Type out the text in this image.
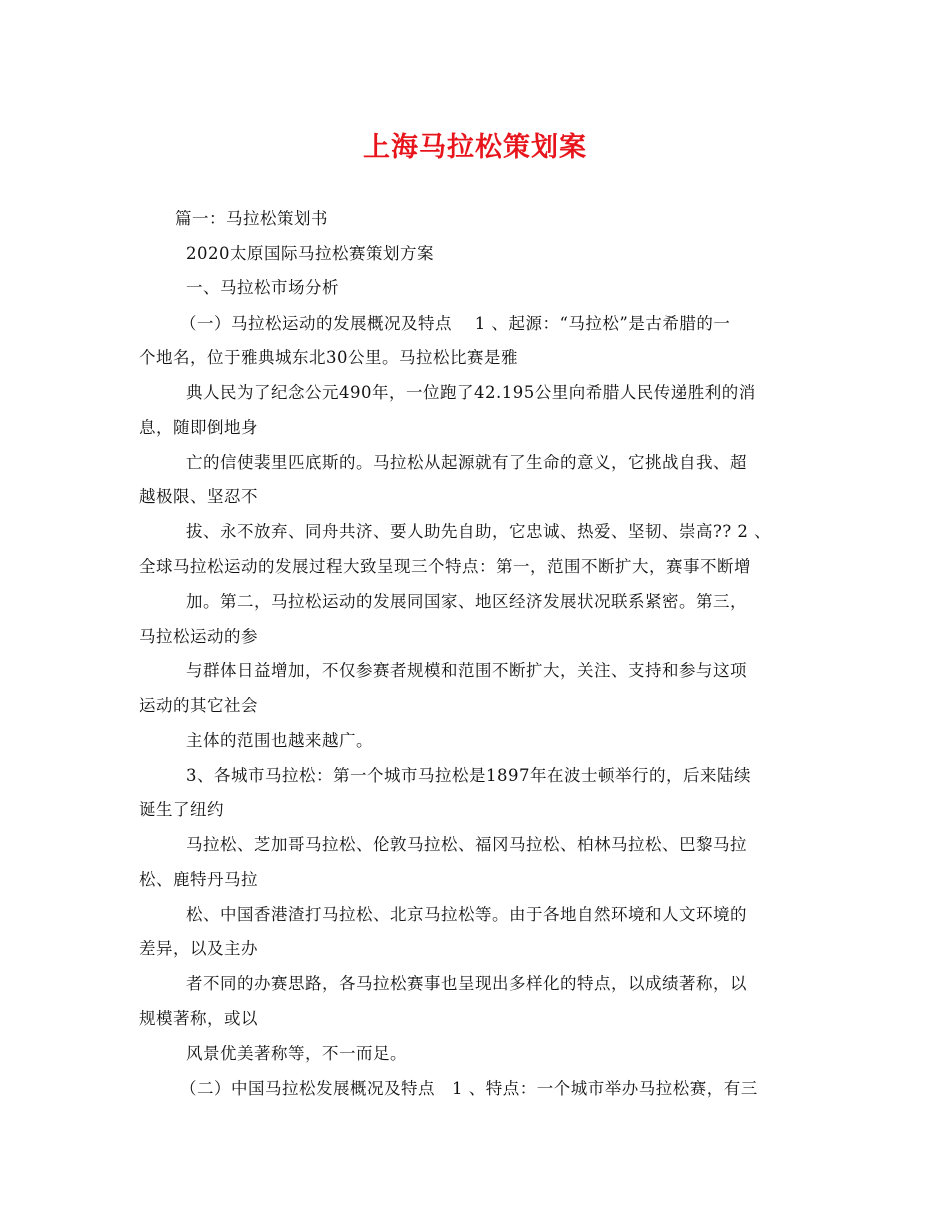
上海马拉松策划案
篇一：马拉松策划书
2020太原国际马拉松赛策划方案
一、马拉松市场分析
（一）马拉松运动的发展概况及特点　 1 、起源：“马拉松”是古希腊的一
个地名，位于雅典城东北30公里。马拉松比赛是雅
典人民为了纪念公元490年，一位跑了42.195公里向希腊人民传递胜利的消
息，随即倒地身
亡的信使裴里匹底斯的。马拉松从起源就有了生命的意义，它挑战自我、超
越极限、坚忍不
拔、永不放弃、同舟共济、要人助先自助，它忠诚、热爱、坚韧、崇高?? 2 、
全球马拉松运动的发展过程大致呈现三个特点：第一，范围不断扩大，赛事不断增
加。第二，马拉松运动的发展同国家、地区经济发展状况联系紧密。第三，
马拉松运动的参
与群体日益增加，不仅参赛者规模和范围不断扩大，关注、支持和参与这项
运动的其它社会
主体的范围也越来越广。
3、各城市马拉松：第一个城市马拉松是1897年在波士顿举行的，后来陆续
诞生了纽约
马拉松、芝加哥马拉松、伦敦马拉松、福冈马拉松、柏林马拉松、巴黎马拉
松、鹿特丹马拉
松、中国香港渣打马拉松、北京马拉松等。由于各地自然环境和人文环境的
差异，以及主办
者不同的办赛思路，各马拉松赛事也呈现出多样化的特点，以成绩著称，以
规模著称，或以
风景优美著称等，不一而足。
（二）中国马拉松发展概况及特点　1 、特点：一个城市举办马拉松赛，有三
